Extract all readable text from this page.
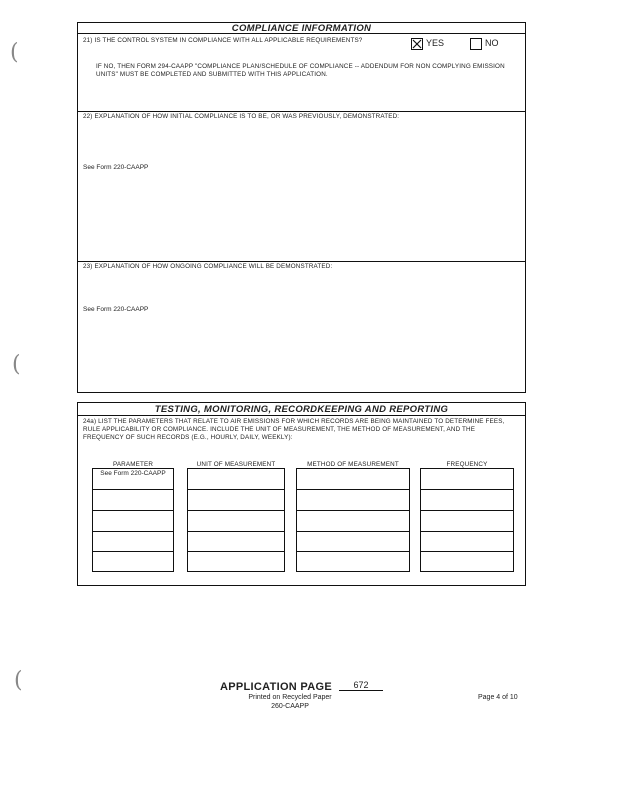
(
(
(
COMPLIANCE INFORMATION
21) IS THE CONTROL SYSTEM IN COMPLIANCE WITH ALL APPLICABLE REQUIREMENTS?	YES	NO
IF NO, THEN FORM 294-CAAPP "COMPLIANCE PLAN/SCHEDULE OF COMPLIANCE -- ADDENDUM FOR NON COMPLYING EMISSION UNITS" MUST BE COMPLETED AND SUBMITTED WITH THIS APPLICATION.
22) EXPLANATION OF HOW INITIAL COMPLIANCE IS TO BE, OR WAS PREVIOUSLY, DEMONSTRATED:
See Form 220-CAAPP
23) EXPLANATION OF HOW ONGOING COMPLIANCE WILL BE DEMONSTRATED:
See Form 220-CAAPP
TESTING, MONITORING, RECORDKEEPING AND REPORTING
24a) LIST THE PARAMETERS THAT RELATE TO AIR EMISSIONS FOR WHICH RECORDS ARE BEING MAINTAINED TO DETERMINE FEES, RULE APPLICABILITY OR COMPLIANCE. INCLUDE THE UNIT OF MEASUREMENT, THE METHOD OF MEASUREMENT, AND THE FREQUENCY OF SUCH RECORDS (E.G., HOURLY, DAILY, WEEKLY):
PARAMETER	UNIT OF MEASUREMENT	METHOD OF MEASUREMENT	FREQUENCY
See Form 220-CAAPP
APPLICATION PAGE	672
Printed on Recycled Paper
260-CAAPP
Page 4 of 10
